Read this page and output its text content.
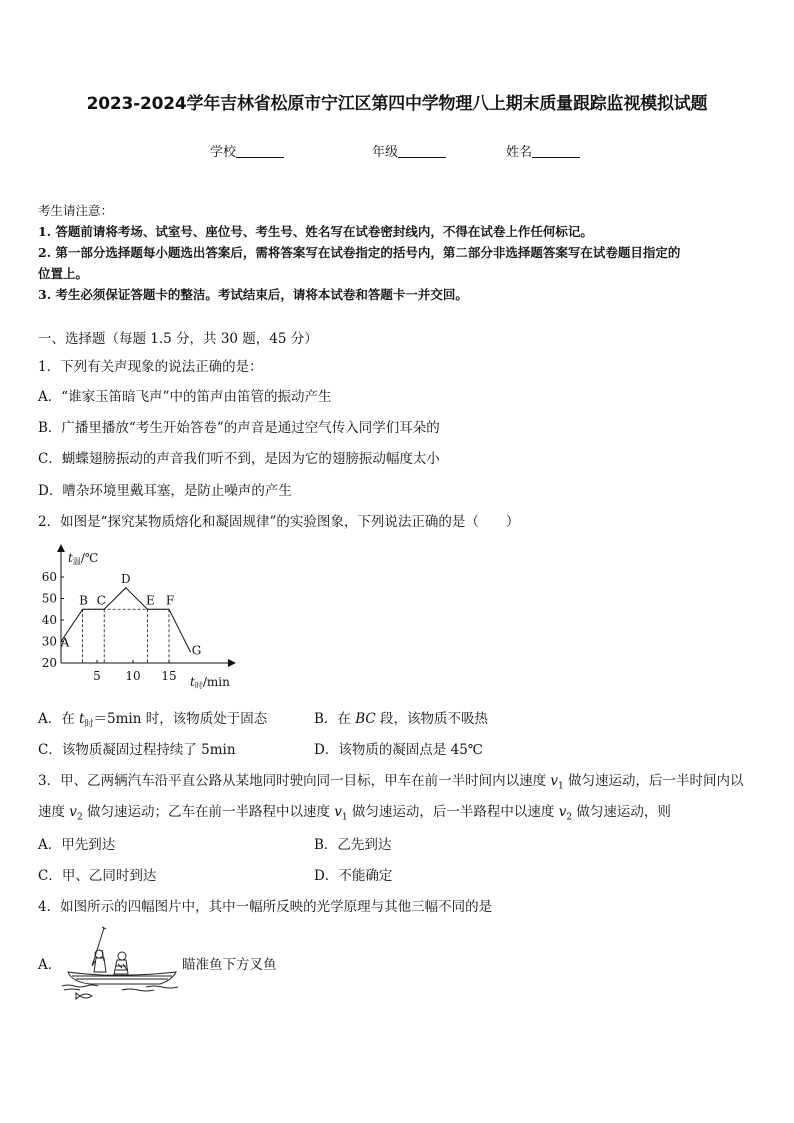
2023-2024学年吉林省松原市宁江区第四中学物理八上期末质量跟踪监视模拟试题
学校	年级	姓名
考生请注意：
1. 答题前请将考场、试室号、座位号、考生号、姓名写在试卷密封线内，不得在试卷上作任何标记。
2. 第一部分选择题每小题选出答案后，需将答案写在试卷指定的括号内，第二部分非选择题答案写在试卷题目指定的
位置上。
3. 考生必须保证答题卡的整洁。考试结束后，请将本试卷和答题卡一并交回。
一、选择题（每题 1.5 分，共 30 题，45 分）
1．下列有关声现象的说法正确的是：
A．“谁家玉笛暗飞声”中的笛声由笛管的振动产生
B．广播里播放“考生开始答卷”的声音是通过空气传入同学们耳朵的
C．蝴蝶翅膀振动的声音我们听不到，是因为它的翅膀振动幅度太小
D．嘈杂环境里戴耳塞，是防止噪声的产生
2．如图是“探究某物质熔化和凝固规律”的实验图象，下列说法正确的是（　　）
t温/℃
t时/min
20
30
40
50
60
5 10 15
A
B C
D
E F
G
A．在 $t_时=5\min$ 时，该物质处于固态	B．在 BC 段，该物质不吸热
C．该物质凝固过程持续了 5min	D．该物质的凝固点是 45℃
3．甲、乙两辆汽车沿平直公路从某地同时驶向同一目标，甲车在前一半时间内以速度 $v_1$ 做匀速运动，后一半时间内以
速度 $v_2$ 做匀速运动；乙车在前一半路程中以速度 $v_1$ 做匀速运动，后一半路程中以速度 $v_2$ 做匀速运动，则
A．甲先到达	B．乙先到达
C．甲、乙同时到达	D．不能确定
4．如图所示的四幅图片中，其中一幅所反映的光学原理与其他三幅不同的是
A．	瞄准鱼下方叉鱼
